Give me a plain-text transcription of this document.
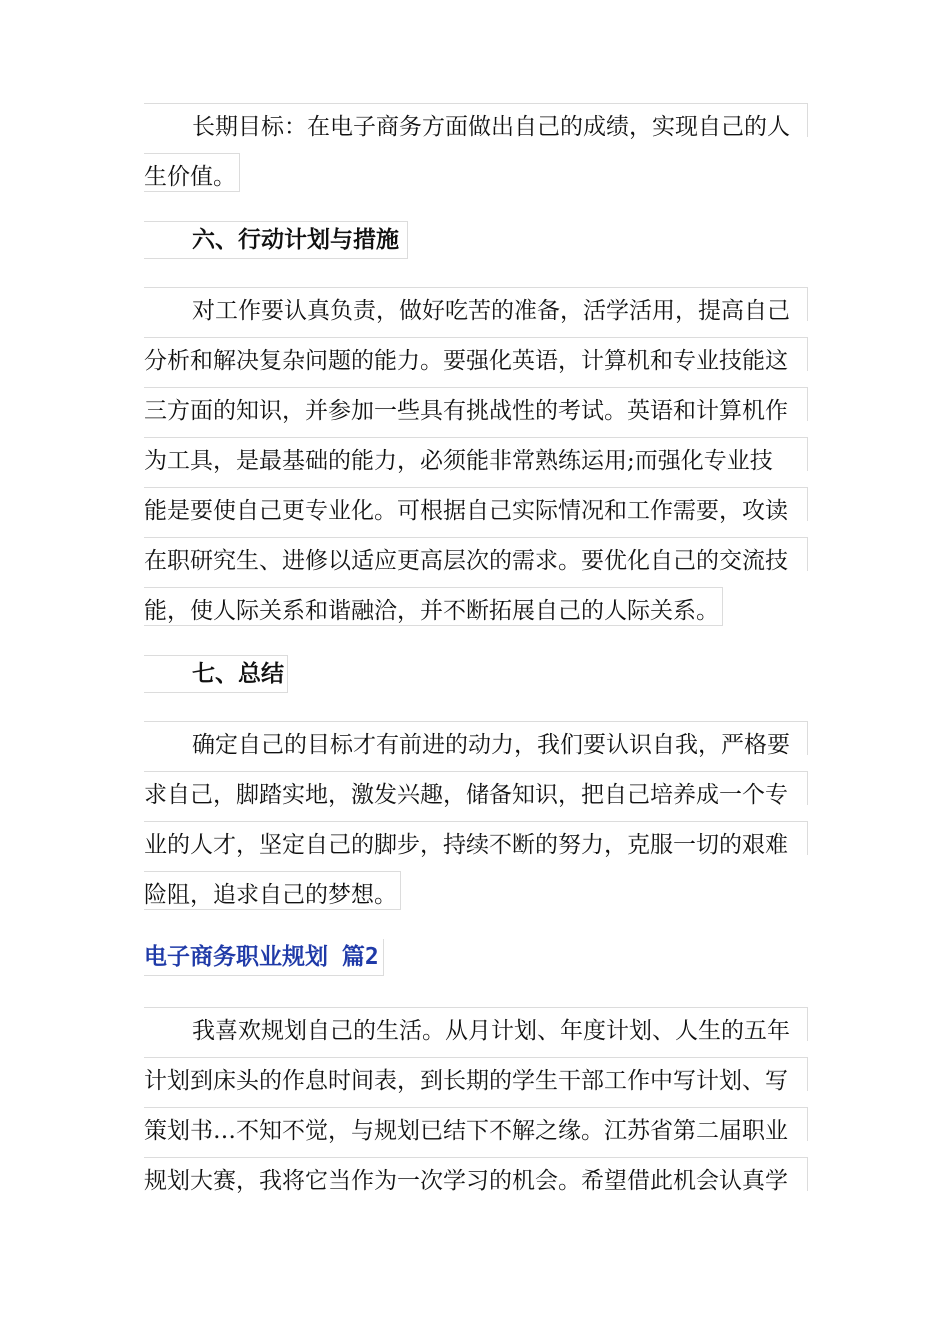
长期目标：在电子商务方面做出自己的成绩，实现自己的人
生价值。
六、行动计划与措施
对工作要认真负责，做好吃苦的准备，活学活用，提高自己
分析和解决复杂问题的能力。要强化英语，计算机和专业技能这
三方面的知识，并参加一些具有挑战性的考试。英语和计算机作
为工具，是最基础的能力，必须能非常熟练运用;而强化专业技
能是要使自己更专业化。可根据自己实际情况和工作需要，攻读
在职研究生、进修以适应更高层次的需求。要优化自己的交流技
能，使人际关系和谐融洽，并不断拓展自己的人际关系。
七、总结
确定自己的目标才有前进的动力，我们要认识自我，严格要
求自己，脚踏实地，激发兴趣，储备知识，把自己培养成一个专
业的人才，坚定自己的脚步，持续不断的努力，克服一切的艰难
险阻，追求自己的梦想。
电子商务职业规划 篇2
我喜欢规划自己的生活。从月计划、年度计划、人生的五年
计划到床头的作息时间表，到长期的学生干部工作中写计划、写
策划书…不知不觉，与规划已结下不解之缘。江苏省第二届职业
规划大赛，我将它当作为一次学习的机会。希望借此机会认真学
